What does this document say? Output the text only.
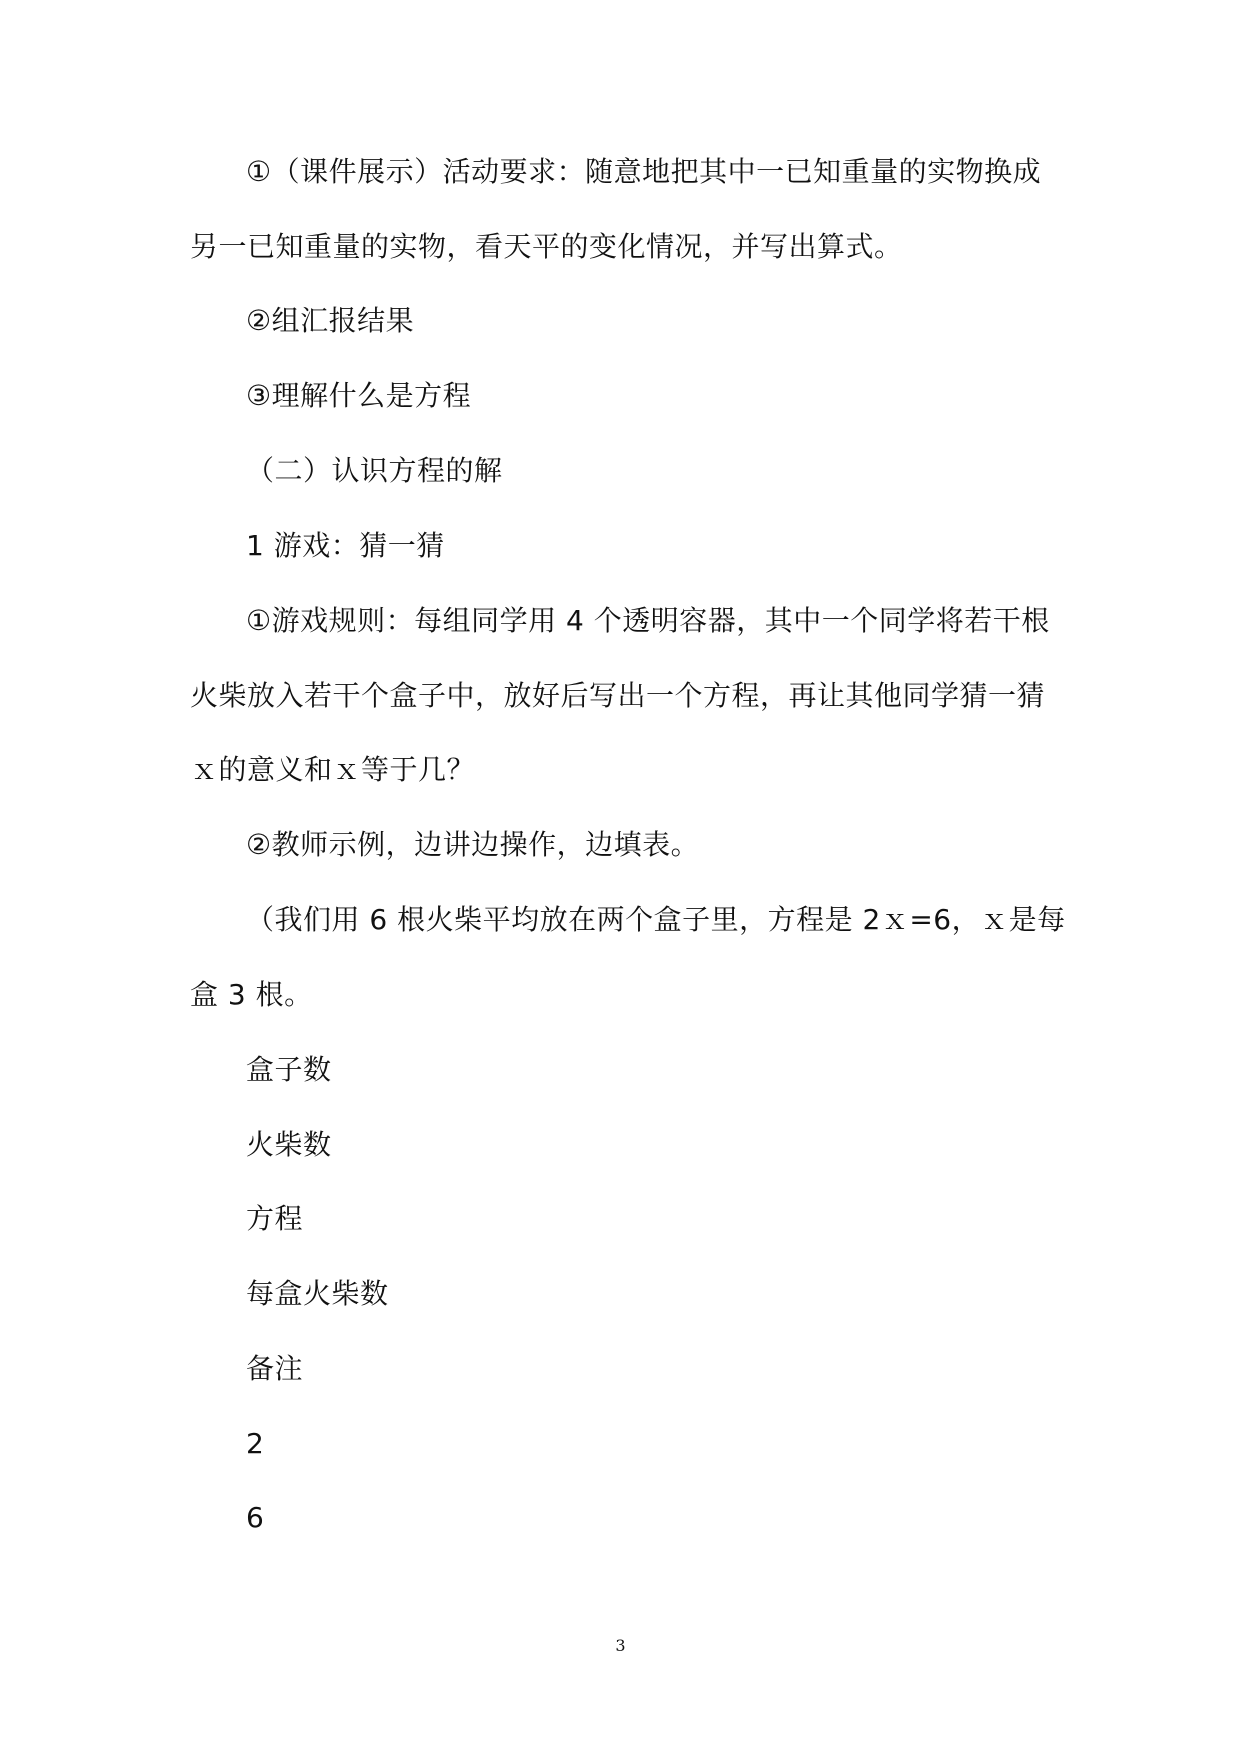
①（课件展示）活动要求：随意地把其中一已知重量的实物换成

另一已知重量的实物，看天平的变化情况，并写出算式。

②组汇报结果

③理解什么是方程

（二）认识方程的解

1 游戏：猜一猜

①游戏规则：每组同学用 4 个透明容器，其中一个同学将若干根

火柴放入若干个盒子中，放好后写出一个方程，再让其他同学猜一猜

ｘ的意义和ｘ等于几？

②教师示例，边讲边操作，边填表。

（我们用 6 根火柴平均放在两个盒子里，方程是 2ｘ=6，ｘ是每

盒 3 根。

盒子数

火柴数

方程

每盒火柴数

备注

2

6

3
